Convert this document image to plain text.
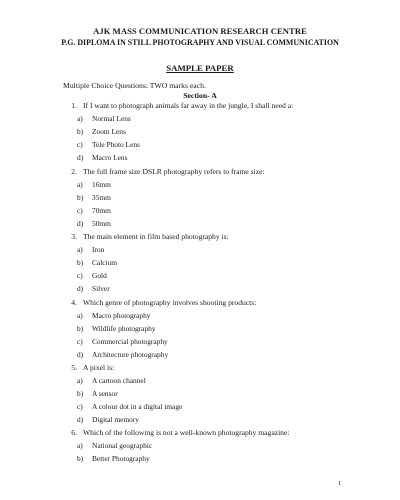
AJK MASS COMMUNICATION RESEARCH CENTRE
P.G. DIPLOMA IN STILL PHOTOGRAPHY AND VISUAL COMMUNICATION
SAMPLE PAPER
Multiple Choice Questions: TWO marks each.
Section- A
1. If I want to photograph animals far away in the jungle, I shall need a:
a) Normal Lens
b) Zoom Lens
c) Tele Photo Lens
d) Macro Lens
2. The full frame size DSLR photography refers to frame size:
a) 16mm
b) 35mm
c) 70mm
d) 50mm
3. The main element in film based photography is:
a) Iron
b) Calcium
c) Gold
d) Silver
4. Which genre of photography involves shooting products:
a) Macro photography
b) Wildlife photography
c) Commercial photography
d) Architecture photography
5. A pixel is:
a) A cartoon channel
b) A sensor
c) A colour dot in a digital image
d) Digital memory
6. Which of the following is not a well-known photography magazine:
a) National geographic
b) Better Photography
1
